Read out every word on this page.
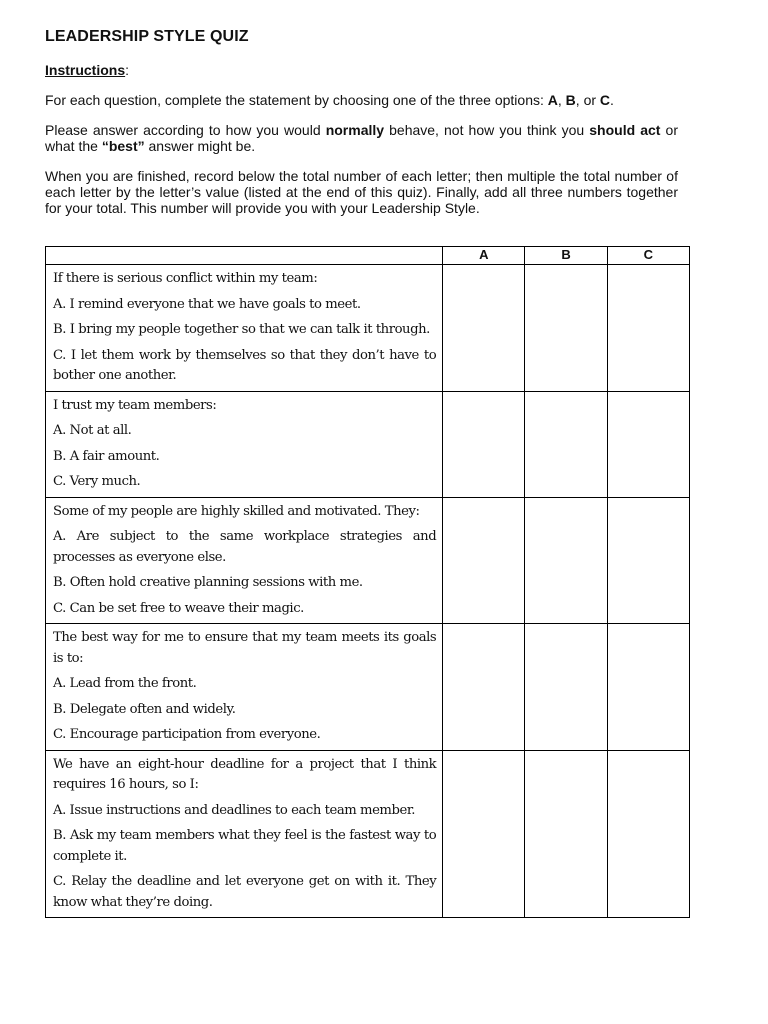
LEADERSHIP STYLE QUIZ
Instructions:

For each question, complete the statement by choosing one of the three options: A, B, or C.

Please answer according to how you would normally behave, not how you think you should act or what the “best” answer might be.

When you are finished, record below the total number of each letter; then multiple the total number of each letter by the letter’s value (listed at the end of this quiz). Finally, add all three numbers together for your total. This number will provide you with your Leadership Style.

	A	B	C

If there is serious conflict within my team:

A. I remind everyone that we have goals to meet.

B. I bring my people together so that we can talk it through.

C. I let them work by themselves so that they don’t have to bother one another.			

I trust my team members:

A. Not at all.

B. A fair amount.

C. Very much.			

Some of my people are highly skilled and motivated. They:

A. Are subject to the same workplace strategies and processes as everyone else.

B. Often hold creative planning sessions with me.

C. Can be set free to weave their magic.			

The best way for me to ensure that my team meets its goals is to:

A. Lead from the front.

B. Delegate often and widely.

C. Encourage participation from everyone.			

We have an eight-hour deadline for a project that I think requires 16 hours, so I:

A. Issue instructions and deadlines to each team member.

B. Ask my team members what they feel is the fastest way to complete it.

C. Relay the deadline and let everyone get on with it. They know what they’re doing.			
